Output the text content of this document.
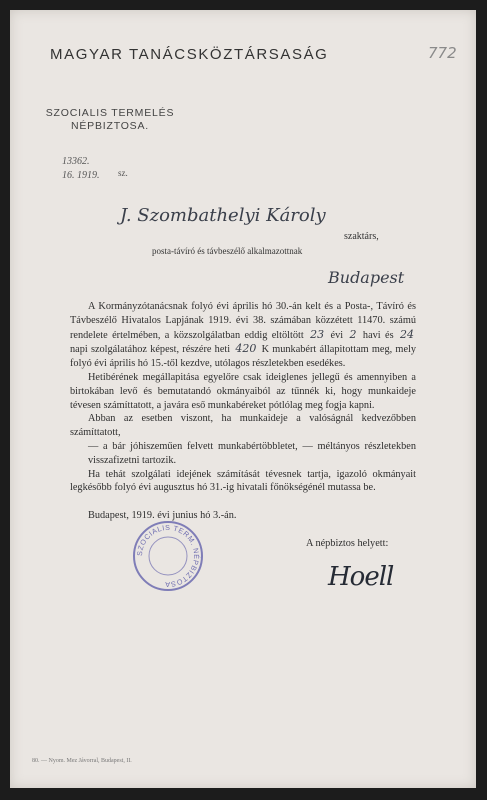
MAGYAR TANÁCSKÖZTÁRSASÁG	772
SZOCIALIS TERMELÉS
NÉPBIZTOSA.
13362.
16. 1919. sz.
J. Szombathelyi Károly
szaktárs,
posta-távíró és távbeszélő alkalmazottnak
Budapest

A Kormányzótanácsnak folyó évi április hó 30.-án kelt és a Posta-, Távíró és Távbeszélő Hivatalos Lapjának 1919. évi 38. számában közzétett 11470. számú rendelete értelmében, a közszolgálatban eddig eltöltött 23 évi 2 havi és 24 napi szolgálatához képest, részére heti 420 K munkabért állapitottam meg, mely folyó évi április hó 15.-től kezdve, utólagos részletekben esedékes.

Hetibérének megállapitása egyelőre csak ideiglenes jellegű és amennyiben a birtokában levő és bemutatandó okmányaiból az tűnnék ki, hogy munkaideje tévesen számíttatott, a javára eső munkabéreket pótlólag meg fogja kapni.

Abban az esetben viszont, ha munkaideje a valóságnál kedvezőbben számíttatott,

— a bár jóhiszeműen felvett munkabértöbbletet, — méltányos részletekben visszafizetni tartozik.

Ha tehát szolgálati idejének számítását tévesnek tartja, igazoló okmányait legkésőbb folyó évi augusztus hó 31.-ig hivatali főnökségénél mutassa be.

Budapest, 1919. évi junius hó 3.-án.
A népbiztos helyett:
Hoell
SZOCIALIS TERM. NÉPBIZTOSA
80. — Nyom. Mez Jávorral, Budapest, II.
